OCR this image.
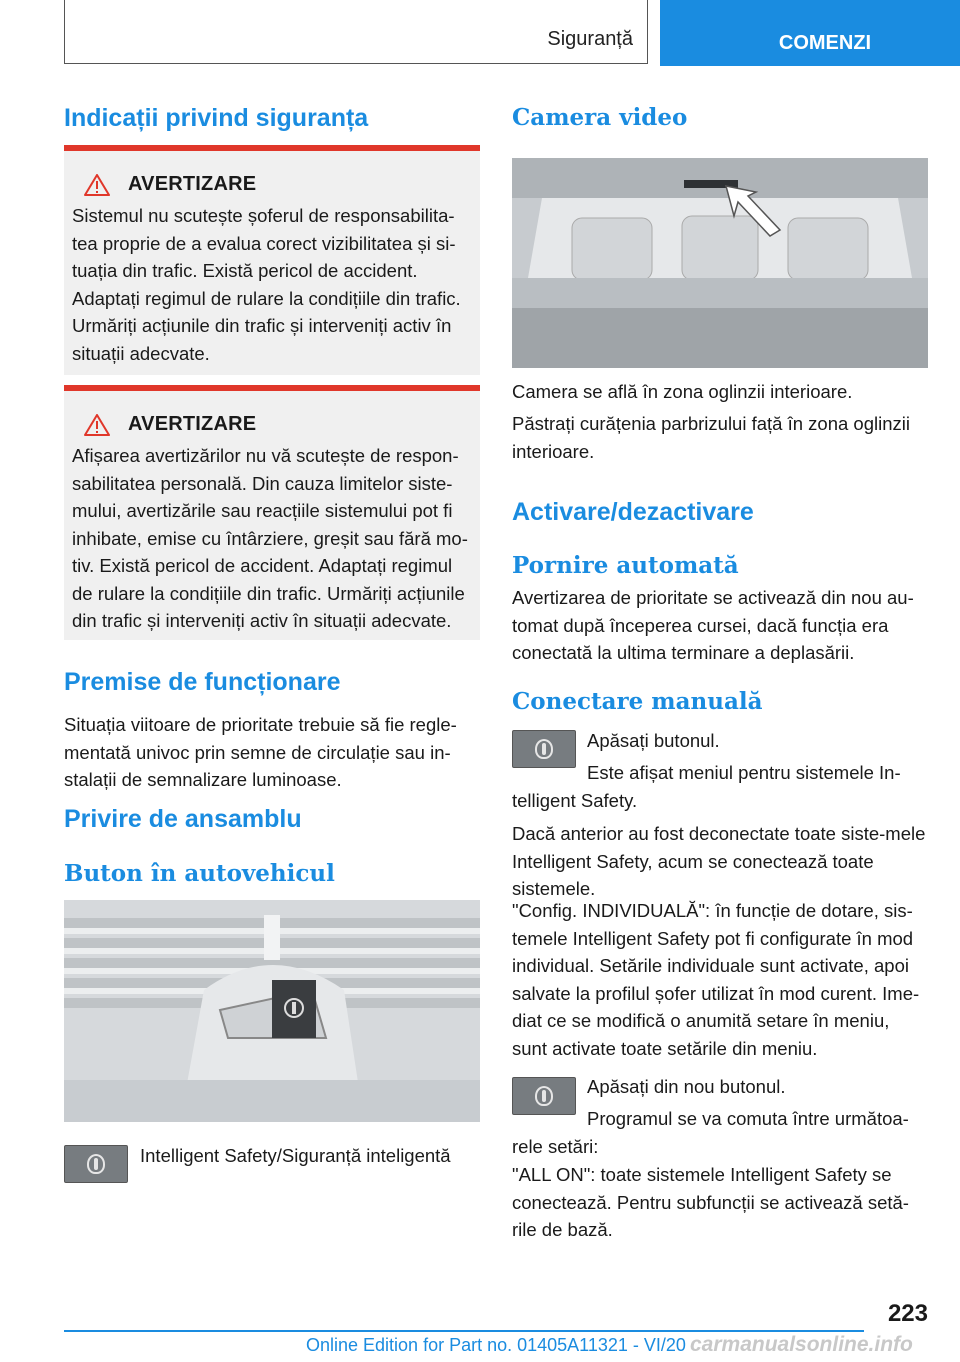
Siguranță	COMENZI
Indicații privind siguranța
AVERTIZARE
Sistemul nu scutește șoferul de responsabilita-tea proprie de a evalua corect vizibilitatea și si-tuația din trafic. Există pericol de accident. Adaptați regimul de rulare la condițiile din trafic. Urmăriți acțiunile din trafic și interveniți activ în situații adecvate.
AVERTIZARE
Afișarea avertizărilor nu vă scutește de respon-sabilitatea personală. Din cauza limitelor siste-mului, avertizările sau reacțiile sistemului pot fi inhibate, emise cu întârziere, greșit sau fără mo-tiv. Există pericol de accident. Adaptați regimul de rulare la condițiile din trafic. Urmăriți acțiunile din trafic și interveniți activ în situații adecvate.
Premise de funcționare

Situația viitoare de prioritate trebuie să fie regle-mentată univoc prin semne de circulație sau in-stalații de semnalizare luminoase.

Privire de ansamblu
Buton în autovehicul

Intelligent Safety/Siguranță inteligentă

Camera video

Camera se află în zona oglinzii interioare.

Păstrați curățenia parbrizului față în zona oglinzii interioare.

Activare/dezactivare
Pornire automată

Avertizarea de prioritate se activează din nou au-tomat după începerea cursei, dacă funcția era conectată la ultima terminare a deplasării.

Conectare manuală

Apăsați butonul.

Este afișat meniul pentru sistemele In-telligent Safety.

Dacă anterior au fost deconectate toate siste-mele Intelligent Safety, acum se conectează toate sistemele.

"Config. INDIVIDUALĂ": în funcție de dotare, sis-temele Intelligent Safety pot fi configurate în mod individual. Setările individuale sunt activate, apoi salvate la profilul șofer utilizat în mod curent. Ime-diat ce se modifică o anumită setare în meniu, sunt activate toate setările din meniu.

Apăsați din nou butonul.

Programul se va comuta între următoa-rele setări:

"ALL ON": toate sistemele Intelligent Safety se conectează. Pentru subfuncții se activează setă-rile de bază.

223
Online Edition for Part no. 01405A11321 - VI/20 carmanualsonline.info
